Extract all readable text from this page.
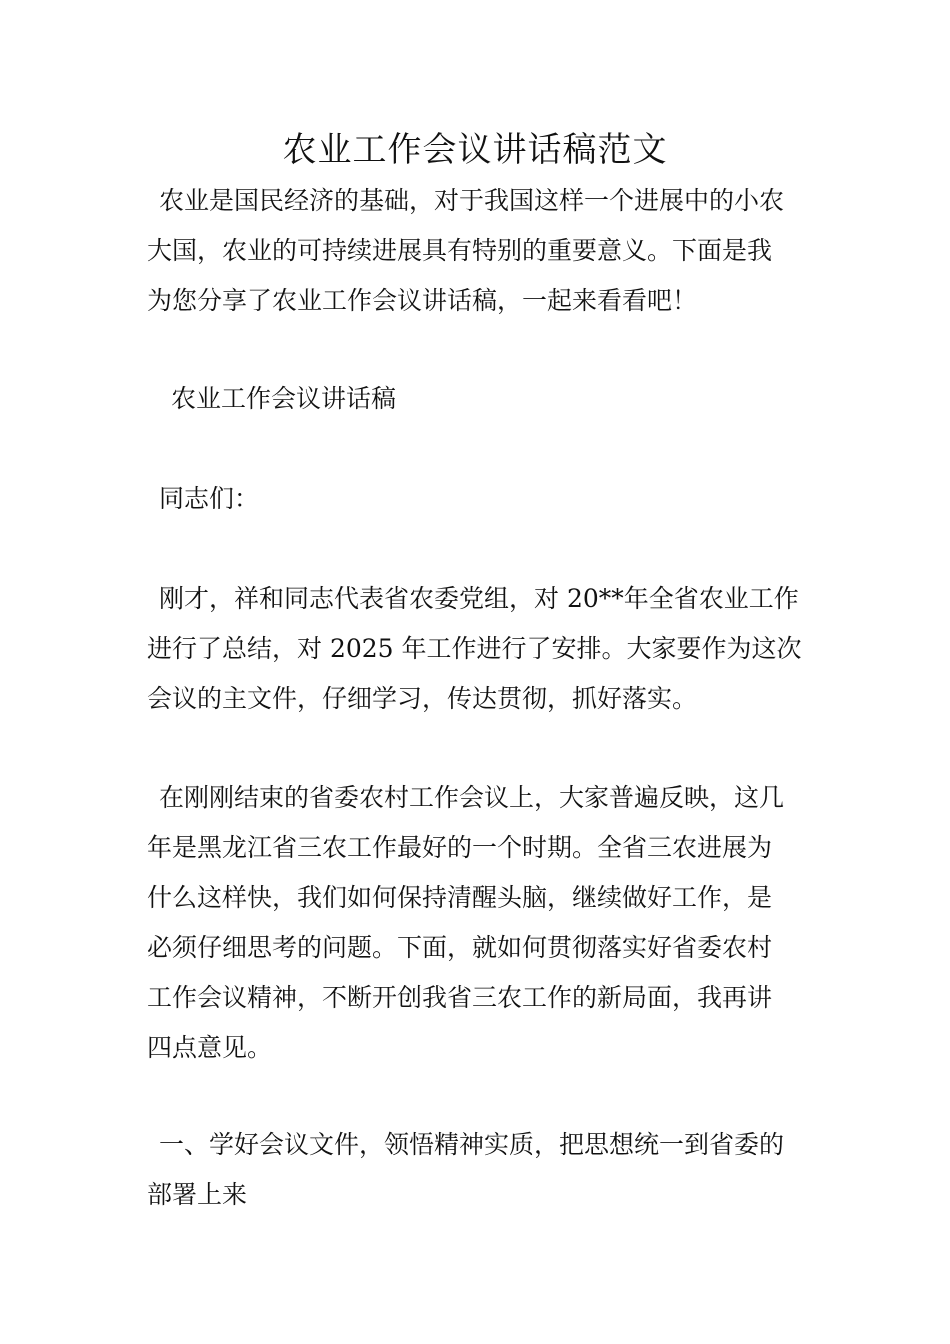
农业工作会议讲话稿范文
农业是国民经济的基础，对于我国这样一个进展中的小农
大国，农业的可持续进展具有特别的重要意义。下面是我
为您分享了农业工作会议讲话稿，一起来看看吧！
农业工作会议讲话稿
同志们：
刚才，祥和同志代表省农委党组，对 20**年全省农业工作
进行了总结，对 2025 年工作进行了安排。大家要作为这次
会议的主文件，仔细学习，传达贯彻，抓好落实。
在刚刚结束的省委农村工作会议上，大家普遍反映，这几
年是黑龙江省三农工作最好的一个时期。全省三农进展为
什么这样快，我们如何保持清醒头脑，继续做好工作，是
必须仔细思考的问题。下面，就如何贯彻落实好省委农村
工作会议精神，不断开创我省三农工作的新局面，我再讲
四点意见。
一、学好会议文件，领悟精神实质，把思想统一到省委的
部署上来
